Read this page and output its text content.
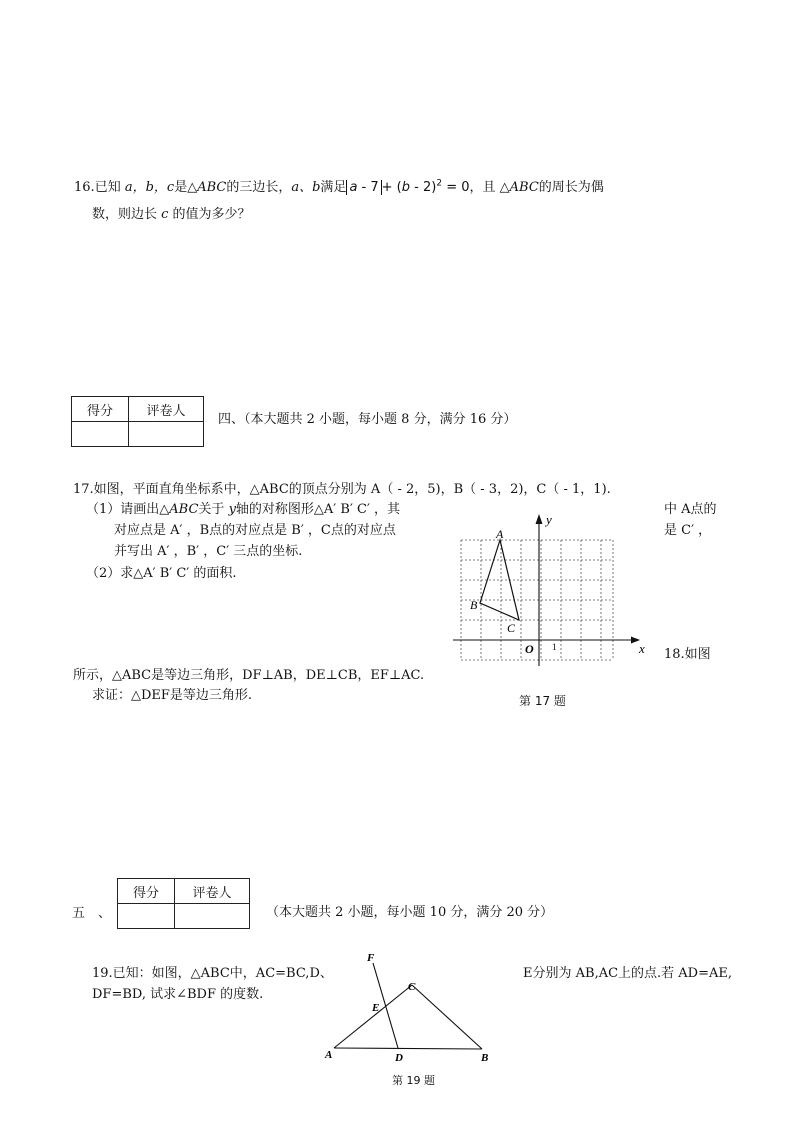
16.已知 a，b，c是△ABC的三边长，a、b满足 a - 7 + (b - 2)$^2$ = 0，且 △ABC的周长为偶
数，则边长 c 的值为多少？
得分	评卷人

四、（本大题共 2 小题，每小题 8 分，满分 16 分）
17.如图，平面直角坐标系中，△ABC的顶点分别为 A（ - 2，5)，B（ - 3，2)，C（ - 1，1).
（1）请画出△ABC关于 y轴的对称图形△A′ B′ C′ ，其	中 A点的
对应点是 A′ ，B点的对应点是 B′ ，C点的对应点	是 C′ ，
并写出 A′ ，B′ ，C′ 三点的坐标.
（2）求△A′ B′ C′ 的面积.
A
B
C
O	x
y
1
第 17 题
18.如图
所示，△ABC是等边三角形，DF⊥AB，DE⊥CB，EF⊥AC.
求证：△DEF是等边三角形.
五　、
得分	评卷人

（本大题共 2 小题，每小题 10 分，满分 20 分）
19.已知：如图，△ABC中，AC=BC,D、	E分别为 AB,AC上的点.若 AD=AE,
DF=BD, 试求∠BDF 的度数.
F
C
E
A	D	B
第 19 题
